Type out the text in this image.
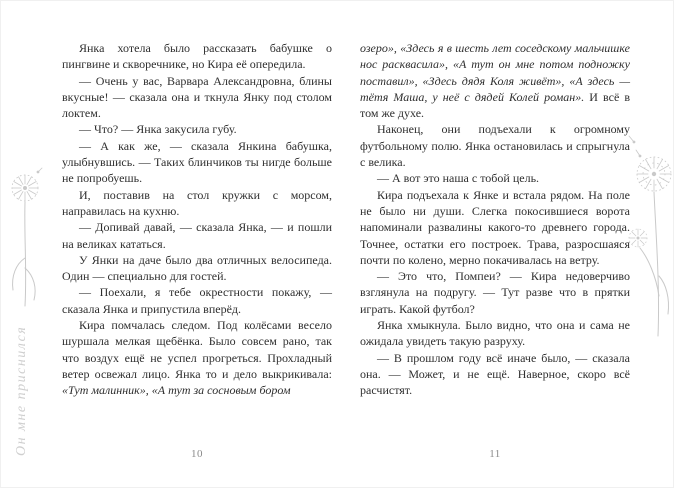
Он мне приснился

Янка хотела было рассказать бабушке о пингвине и скворечнике, но Кира её опередила.

— Очень у вас, Варвара Александровна, блины вкусные! — сказала она и ткнула Янку под столом локтем.

— Что? — Янка закусила губу.

— А как же, — сказала Янкина бабушка, улыбнувшись. — Таких блинчиков ты нигде больше не попробуешь.

И, поставив на стол кружки с морсом, направилась на кухню.

— Допивай давай, — сказала Янка, — и пошли на великах кататься.

У Янки на даче было два отличных велосипеда. Один — специально для гостей.

— Поехали, я тебе окрестности покажу, — сказала Янка и припустила вперёд.

Кира помчалась следом. Под колёсами весело шуршала мелкая щебёнка. Было совсем рано, так что воздух ещё не успел прогреться. Прохладный ветер освежал лицо. Янка то и дело выкрикивала: «Тут малинник», «А тут за сосновым бором

10

озеро», «Здесь я в шесть лет соседскому мальчишке нос расквасила», «А тут он мне потом подножку поставил», «Здесь дядя Коля живёт», «А здесь — тётя Маша, у неё с дядей Колей роман». И всё в том же духе.

Наконец, они подъехали к огромному футбольному полю. Янка остановилась и спрыгнула с велика.

— А вот это наша с тобой цель.

Кира подъехала к Янке и встала рядом. На поле не было ни души. Слегка покосившиеся ворота напоминали развалины какого-то древнего города. Точнее, остатки его построек. Трава, разросшаяся почти по колено, мерно покачивалась на ветру.

— Это что, Помпеи? — Кира недоверчиво взглянула на подругу. — Тут разве что в прятки играть. Какой футбол?

Янка хмыкнула. Было видно, что она и сама не ожидала увидеть такую разруху.

— В прошлом году всё иначе было, — сказала она. — Может, и не ещё. Наверное, скоро всё расчистят.

11
